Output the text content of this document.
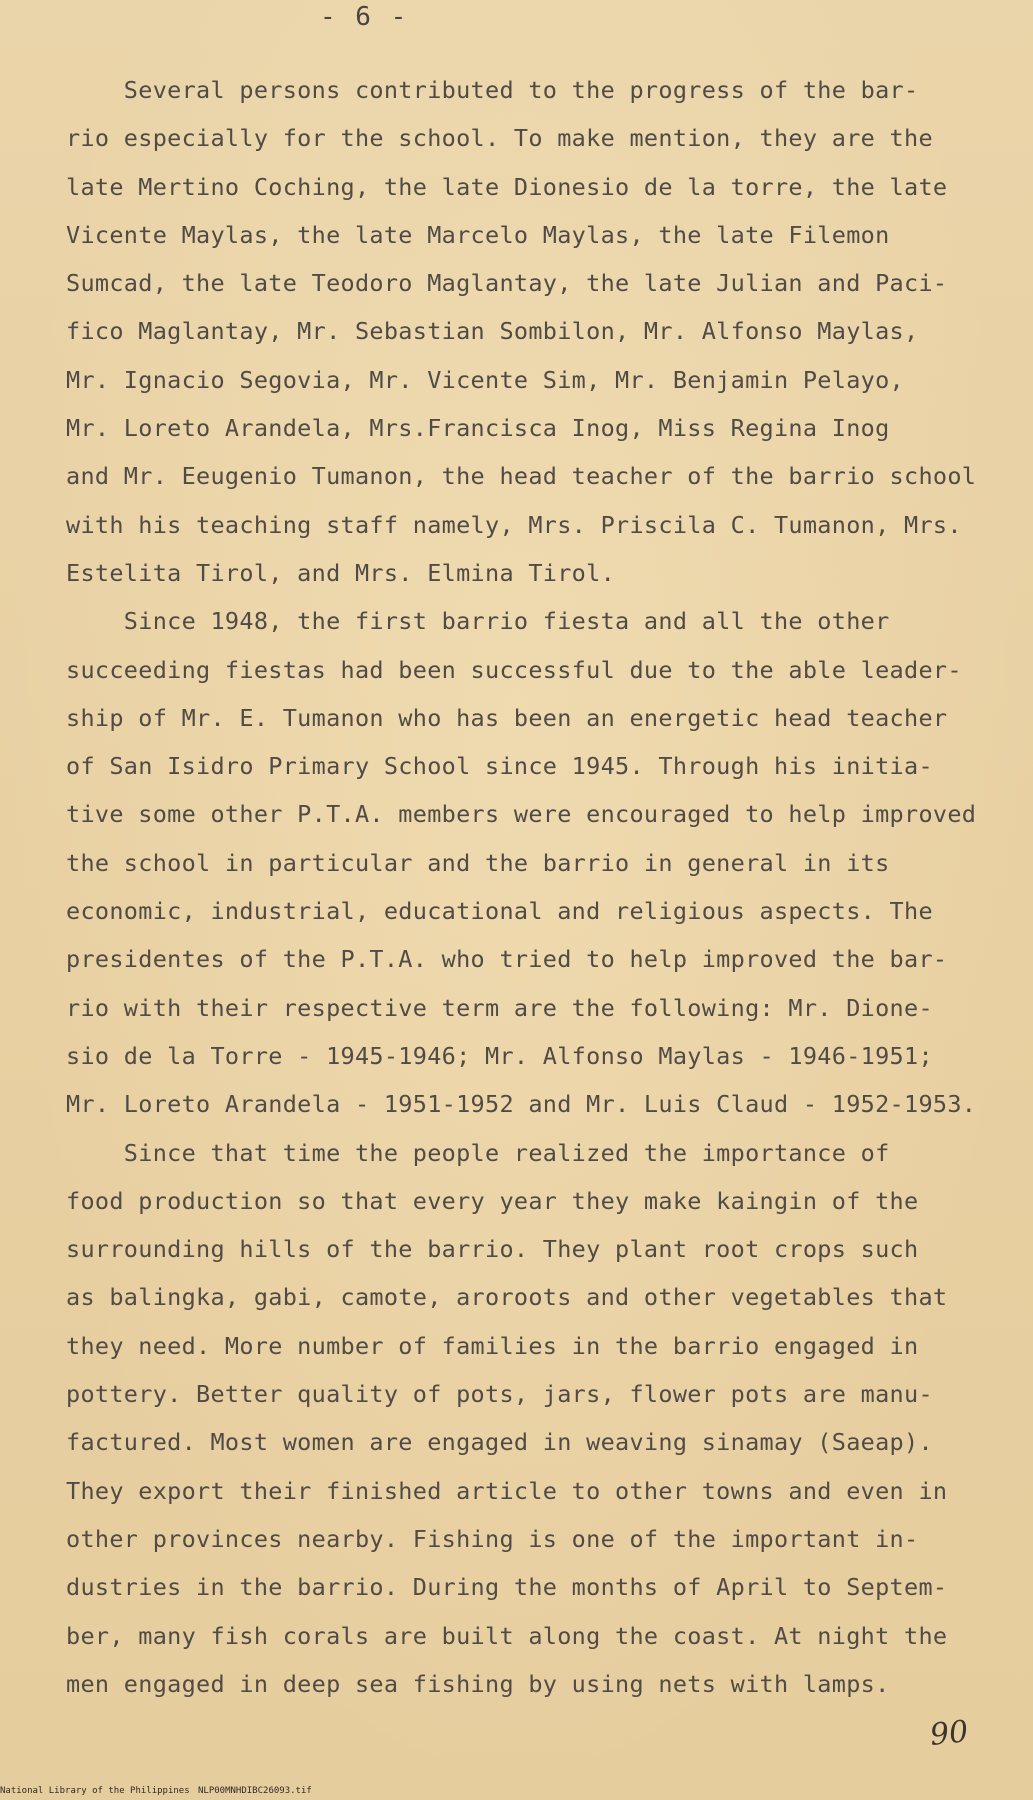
- 6 -
Several persons contributed to the progress of the bar-
rio especially for the school. To make mention, they are the
late Mertino Coching, the late Dionesio de la torre, the late
Vicente Maylas, the late Marcelo Maylas, the late Filemon
Sumcad, the late Teodoro Maglantay, the late Julian and Paci-
fico Maglantay, Mr. Sebastian Sombilon, Mr. Alfonso Maylas,
Mr. Ignacio Segovia, Mr. Vicente Sim, Mr. Benjamin Pelayo,
Mr. Loreto Arandela, Mrs.Francisca Inog, Miss Regina Inog
and Mr. Eeugenio Tumanon, the head teacher of the barrio school
with his teaching staff namely, Mrs. Priscila C. Tumanon, Mrs.
Estelita Tirol, and Mrs. Elmina Tirol.
Since 1948, the first barrio fiesta and all the other
succeeding fiestas had been successful due to the able leader-
ship of Mr. E. Tumanon who has been an energetic head teacher
of San Isidro Primary School since 1945. Through his initia-
tive some other P.T.A. members were encouraged to help improved
the school in particular and the barrio in general in its
economic, industrial, educational and religious aspects. The
presidentes of the P.T.A. who tried to help improved the bar-
rio with their respective term are the following: Mr. Dione-
sio de la Torre - 1945-1946; Mr. Alfonso Maylas - 1946-1951;
Mr. Loreto Arandela - 1951-1952 and Mr. Luis Claud - 1952-1953.
Since that time the people realized the importance of
food production so that every year they make kaingin of the
surrounding hills of the barrio. They plant root crops such
as balingka, gabi, camote, aroroots and other vegetables that
they need. More number of families in the barrio engaged in
pottery. Better quality of pots, jars, flower pots are manu-
factured. Most women are engaged in weaving sinamay (Saeap).
They export their finished article to other towns and even in
other provinces nearby. Fishing is one of the important in-
dustries in the barrio. During the months of April to Septem-
ber, many fish corals are built along the coast. At night the
men engaged in deep sea fishing by using nets with lamps.
90
National Library of the Philippines NLP00MNHDIBC26093.tif
